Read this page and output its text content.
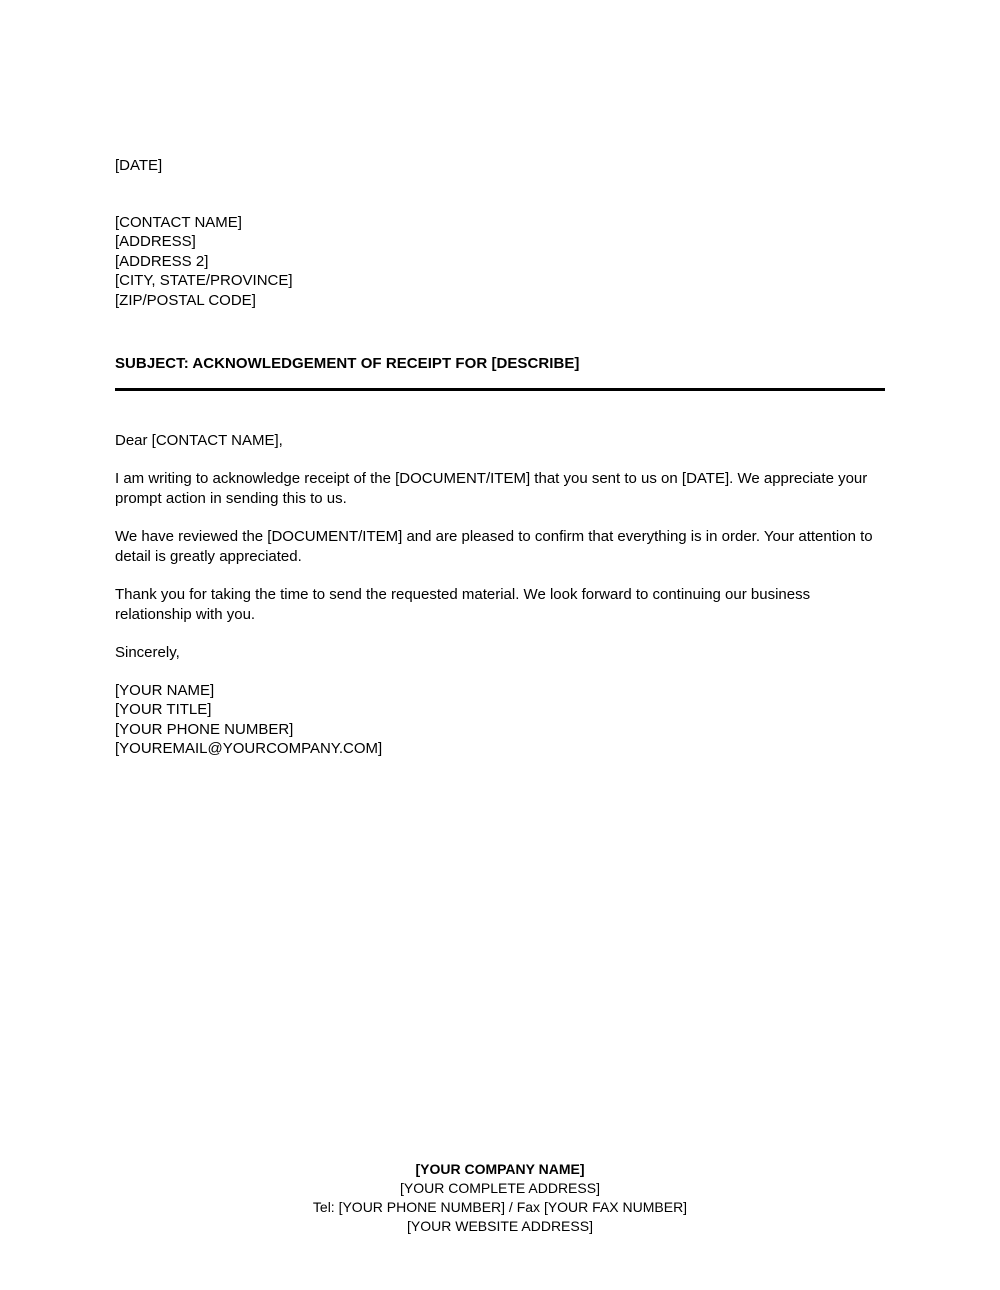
[DATE]
[CONTACT NAME]
[ADDRESS]
[ADDRESS 2]
[CITY, STATE/PROVINCE]
[ZIP/POSTAL CODE]
SUBJECT: ACKNOWLEDGEMENT OF RECEIPT FOR [DESCRIBE]
Dear [CONTACT NAME],
I am writing to acknowledge receipt of the [DOCUMENT/ITEM] that you sent to us on [DATE]. We appreciate your prompt action in sending this to us.
We have reviewed the [DOCUMENT/ITEM] and are pleased to confirm that everything is in order. Your attention to detail is greatly appreciated.
Thank you for taking the time to send the requested material. We look forward to continuing our business relationship with you.
Sincerely,
[YOUR NAME]
[YOUR TITLE]
[YOUR PHONE NUMBER]
[YOUREMAIL@YOURCOMPANY.COM]
[YOUR COMPANY NAME]
[YOUR COMPLETE ADDRESS]
Tel: [YOUR PHONE NUMBER] / Fax [YOUR FAX NUMBER]
[YOUR WEBSITE ADDRESS]
